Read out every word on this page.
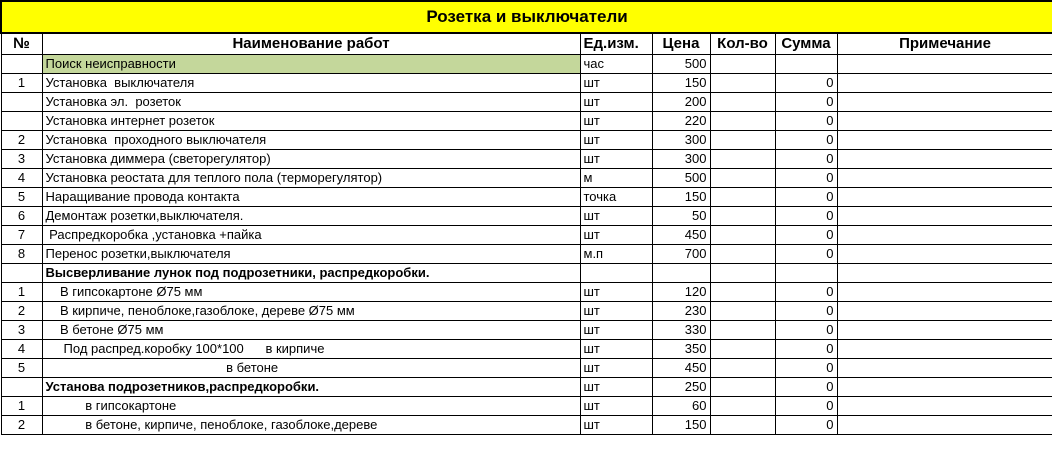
Розетка и выключатели						
№	Наименование работ	Ед.изм.	Цена	Кол-во	Сумма	Примечание
	Поиск неисправности	час	500			
1	Установка  выключателя	шт	150		0	
	Установка эл.  розеток	шт	200		0	
	Установка интернет розеток	шт	220		0	
2	Установка  проходного выключателя	шт	300		0	
3	Установка диммера (светорегулятор)	шт	300		0	
4	Установка реостата для теплого пола (терморегулятор)	м	500		0	
5	Наращивание провода контакта	точка	150		0	
6	Демонтаж розетки,выключателя.	шт	50		0	
7	Распредкоробка ,установка +пайка	шт	450		0	
8	Перенос розетки,выключателя	м.п	700		0	
	Высверливание лунок под подрозетники, распредкоробки.					
1	В гипсокартоне Ø75 мм	шт	120		0	
2	В кирпиче, пеноблоке,газоблоке, дереве Ø75 мм	шт	230		0	
3	В бетоне Ø75 мм	шт	330		0	
4	Под распред.коробку 100*100      в кирпиче	шт	350		0	
5	в бетоне	шт	450		0	
	Установа подрозетников,распредкоробки.	шт	250		0	
1	в гипсокартоне	шт	60		0	
2	в бетоне, кирпиче, пеноблоке, газоблоке,дереве	шт	150		0	
